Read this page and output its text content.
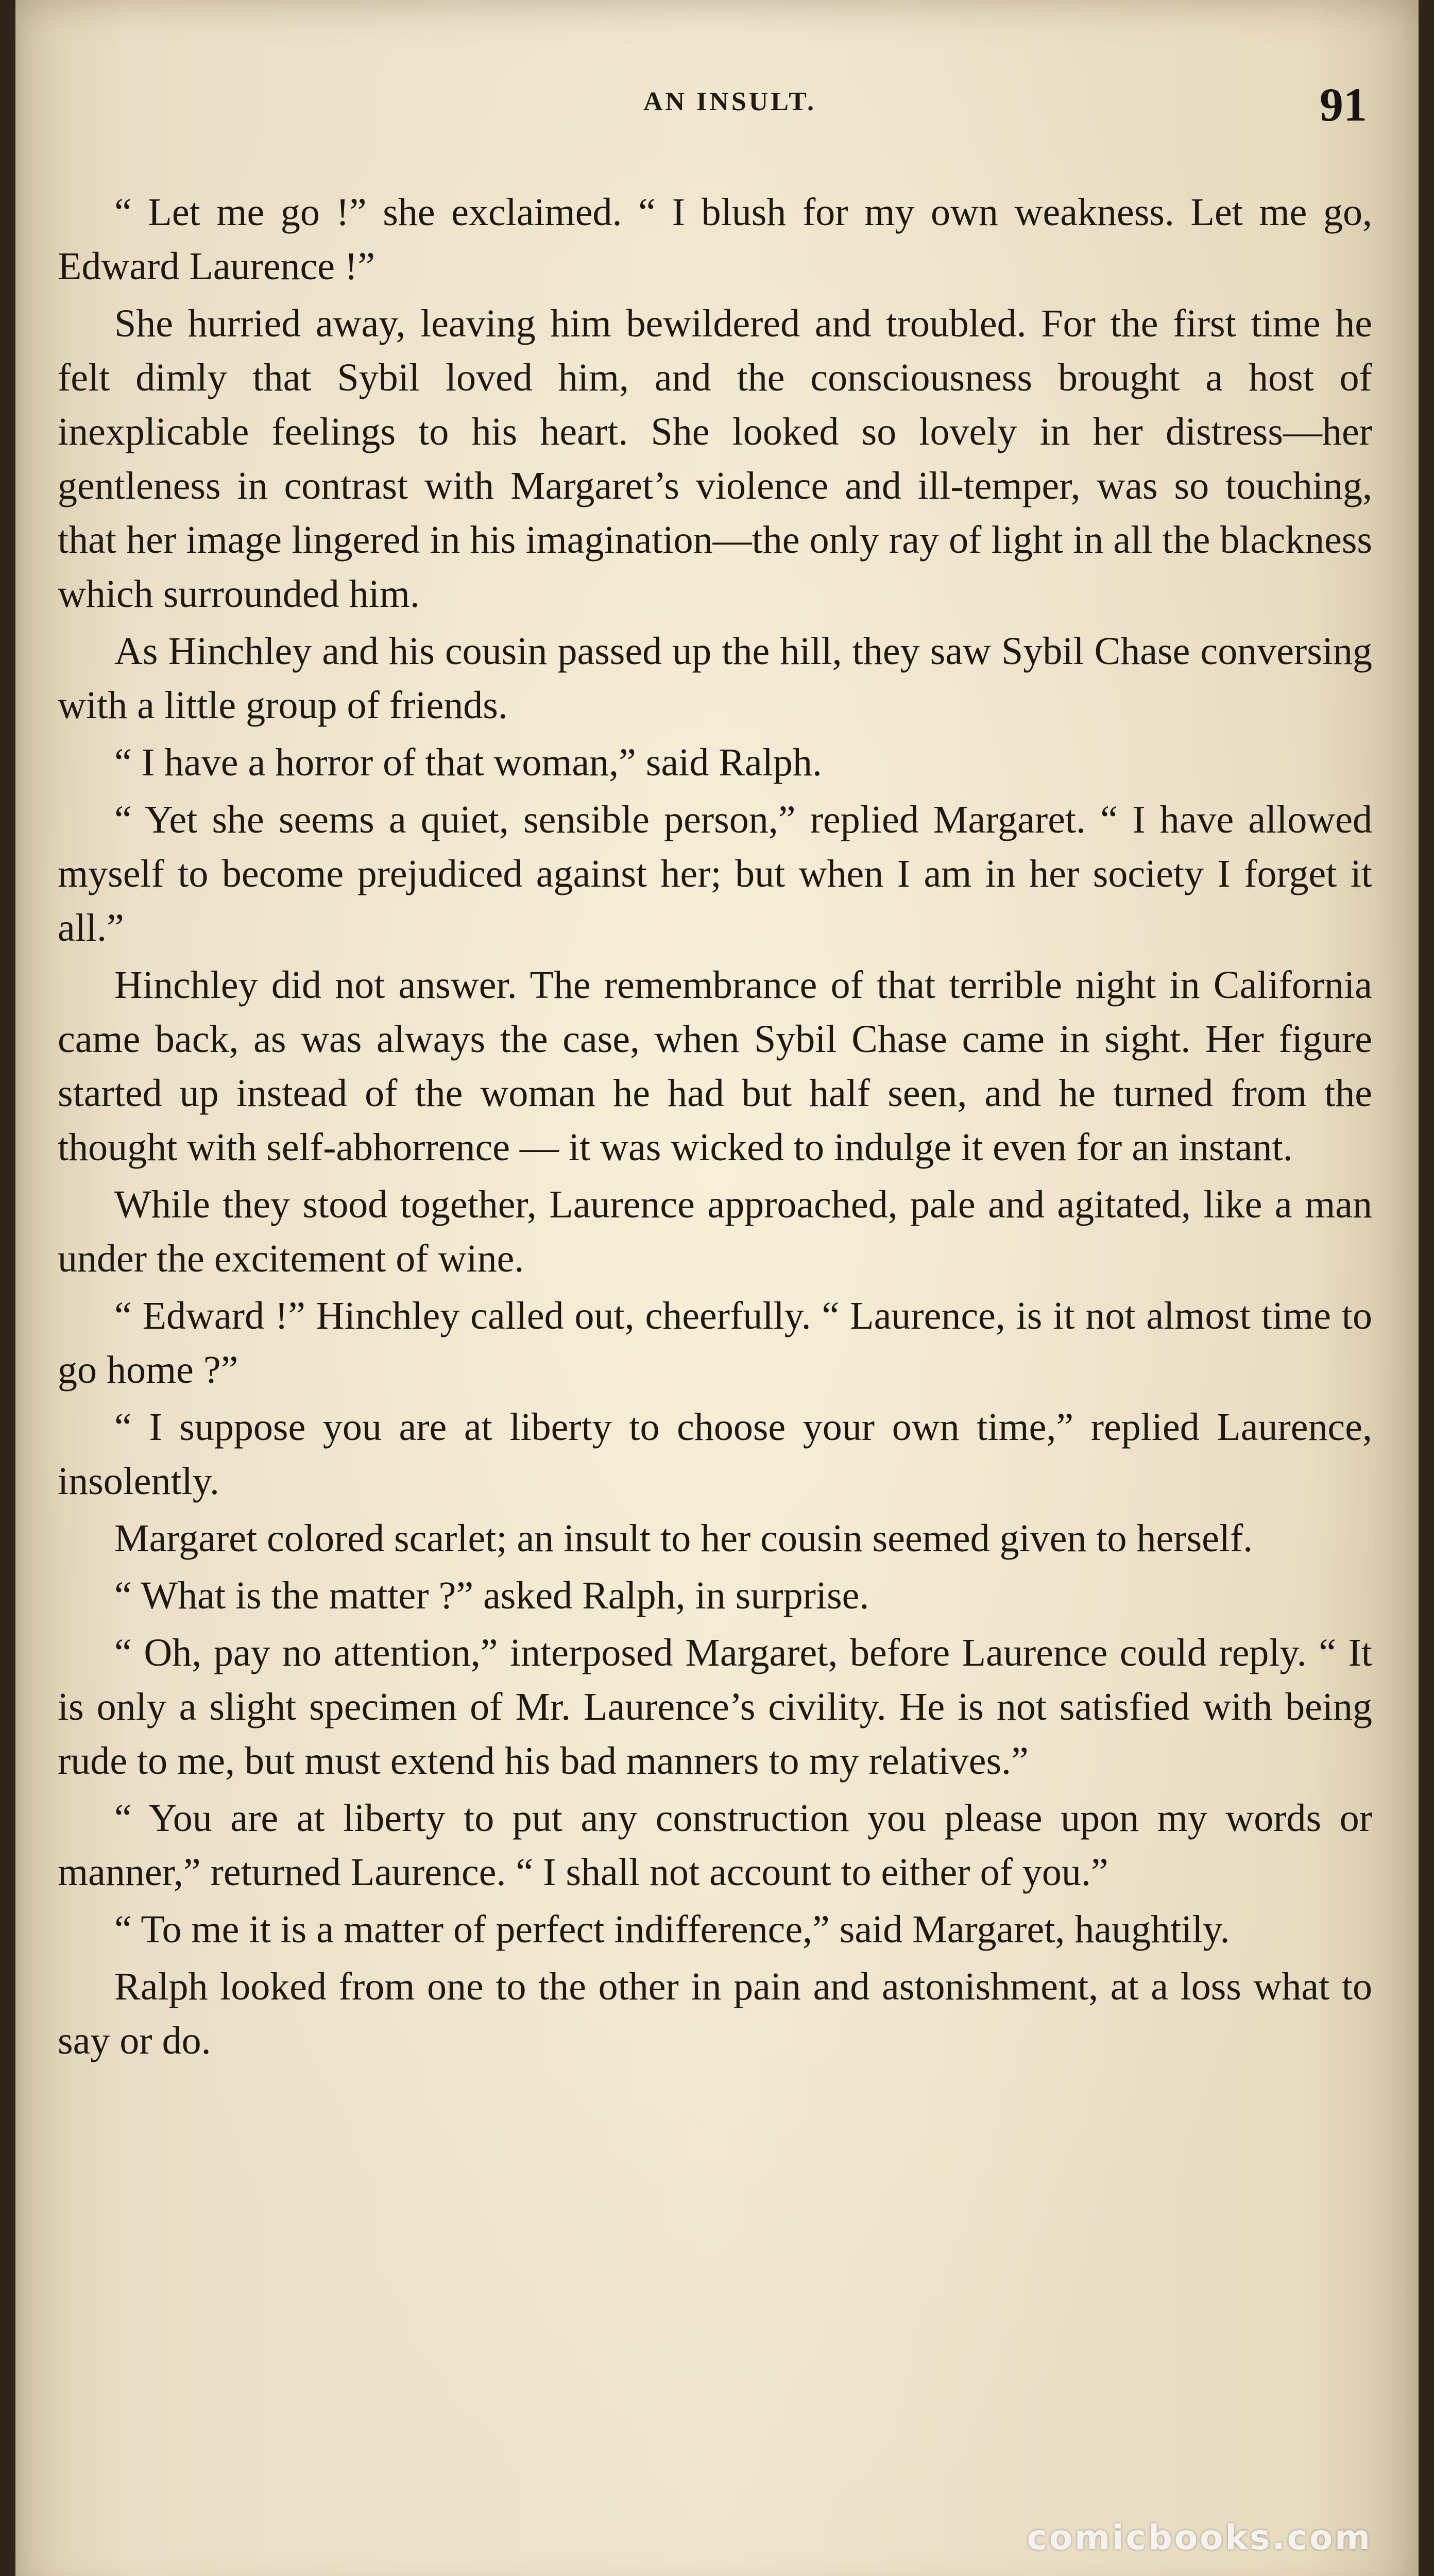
AN INSULT.	91

“ Let me go !” she exclaimed. “ I blush for my own weakness. Let me go, Edward Laurence !”

She hurried away, leaving him bewildered and troubled. For the first time he felt dimly that Sybil loved him, and the consciousness brought a host of inexplicable feelings to his heart. She looked so lovely in her distress—her gentleness in contrast with Margaret’s violence and ill-temper, was so touching, that her image lingered in his imagination—the only ray of light in all the blackness which surrounded him.

As Hinchley and his cousin passed up the hill, they saw Sybil Chase conversing with a little group of friends.

“ I have a horror of that woman,” said Ralph.

“ Yet she seems a quiet, sensible person,” replied Margaret. “ I have allowed myself to become prejudiced against her; but when I am in her society I forget it all.”

Hinchley did not answer. The remembrance of that terrible night in California came back, as was always the case, when Sybil Chase came in sight. Her figure started up instead of the woman he had but half seen, and he turned from the thought with self-abhorrence — it was wicked to indulge it even for an instant.

While they stood together, Laurence approached, pale and agitated, like a man under the excitement of wine.

“ Edward !” Hinchley called out, cheerfully. “ Laurence, is it not almost time to go home ?”

“ I suppose you are at liberty to choose your own time,” replied Laurence, insolently.

Margaret colored scarlet; an insult to her cousin seemed given to herself.

“ What is the matter ?” asked Ralph, in surprise.

“ Oh, pay no attention,” interposed Margaret, before Laurence could reply. “ It is only a slight specimen of Mr. Laurence’s civility. He is not satisfied with being rude to me, but must extend his bad manners to my relatives.”

“ You are at liberty to put any construction you please upon my words or manner,” returned Laurence. “ I shall not account to either of you.”

“ To me it is a matter of perfect indifference,” said Margaret, haughtily.

Ralph looked from one to the other in pain and astonishment, at a loss what to say or do.

comicbooks.com
